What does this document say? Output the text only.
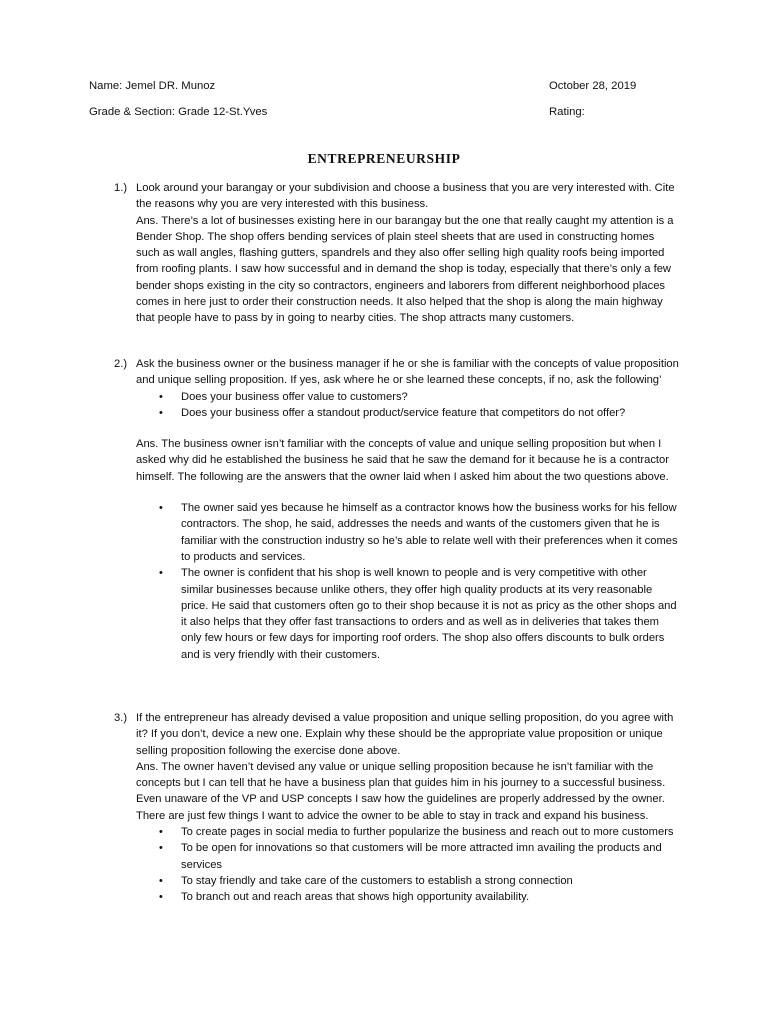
Name: Jemel DR. Munoz	October 28, 2019
Grade & Section: Grade 12-St.Yves	Rating:
ENTREPRENEURSHIP
1.) Look around your barangay or your subdivision and choose a business that you are very interested with. Cite the reasons why you are very interested with this business.

Ans. There’s a lot of businesses existing here in our barangay but the one that really caught my attention is a Bender Shop. The shop offers bending services of plain steel sheets that are used in constructing homes such as wall angles, flashing gutters, spandrels and they also offer selling high quality roofs being imported from roofing plants. I saw how successful and in demand the shop is today, especially that there’s only a few bender shops existing in the city so contractors, engineers and laborers from different neighborhood places comes in here just to order their construction needs. It also helped that the shop is along the main highway that people have to pass by in going to nearby cities. The shop attracts many customers.

2.) Ask the business owner or the business manager if he or she is familiar with the concepts of value proposition and unique selling proposition. If yes, ask where he or she learned these concepts, if no, ask the following’

• Does your business offer value to customers?

• Does your business offer a standout product/service feature that competitors do not offer?

Ans. The business owner isn’t familiar with the concepts of value and unique selling proposition but when I asked why did he established the business he said that he saw the demand for it because he is a contractor himself. The following are the answers that the owner laid when I asked him about the two questions above.

• The owner said yes because he himself as a contractor knows how the business works for his fellow contractors. The shop, he said, addresses the needs and wants of the customers given that he is familiar with the construction industry so he’s able to relate well with their preferences when it comes to products and services.

• The owner is confident that his shop is well known to people and is very competitive with other similar businesses because unlike others, they offer high quality products at its very reasonable price. He said that customers often go to their shop because it is not as pricy as the other shops and it also helps that they offer fast transactions to orders and as well as in deliveries that takes them only few hours or few days for importing roof orders. The shop also offers discounts to bulk orders and is very friendly with their customers.

3.) If the entrepreneur has already devised a value proposition and unique selling proposition, do you agree with it? If you don’t, device a new one. Explain why these should be the appropriate value proposition or unique selling proposition following the exercise done above.

Ans. The owner haven’t devised any value or unique selling proposition because he isn’t familiar with the concepts but I can tell that he have a business plan that guides him in his journey to a successful business. Even unaware of the VP and USP concepts I saw how the guidelines are properly addressed by the owner. There are just few things I want to advice the owner to be able to stay in track and expand his business.

• To create pages in social media to further popularize the business and reach out to more customers

• To be open for innovations so that customers will be more attracted imn availing the products and services

• To stay friendly and take care of the customers to establish a strong connection

• To branch out and reach areas that shows high opportunity availability.
